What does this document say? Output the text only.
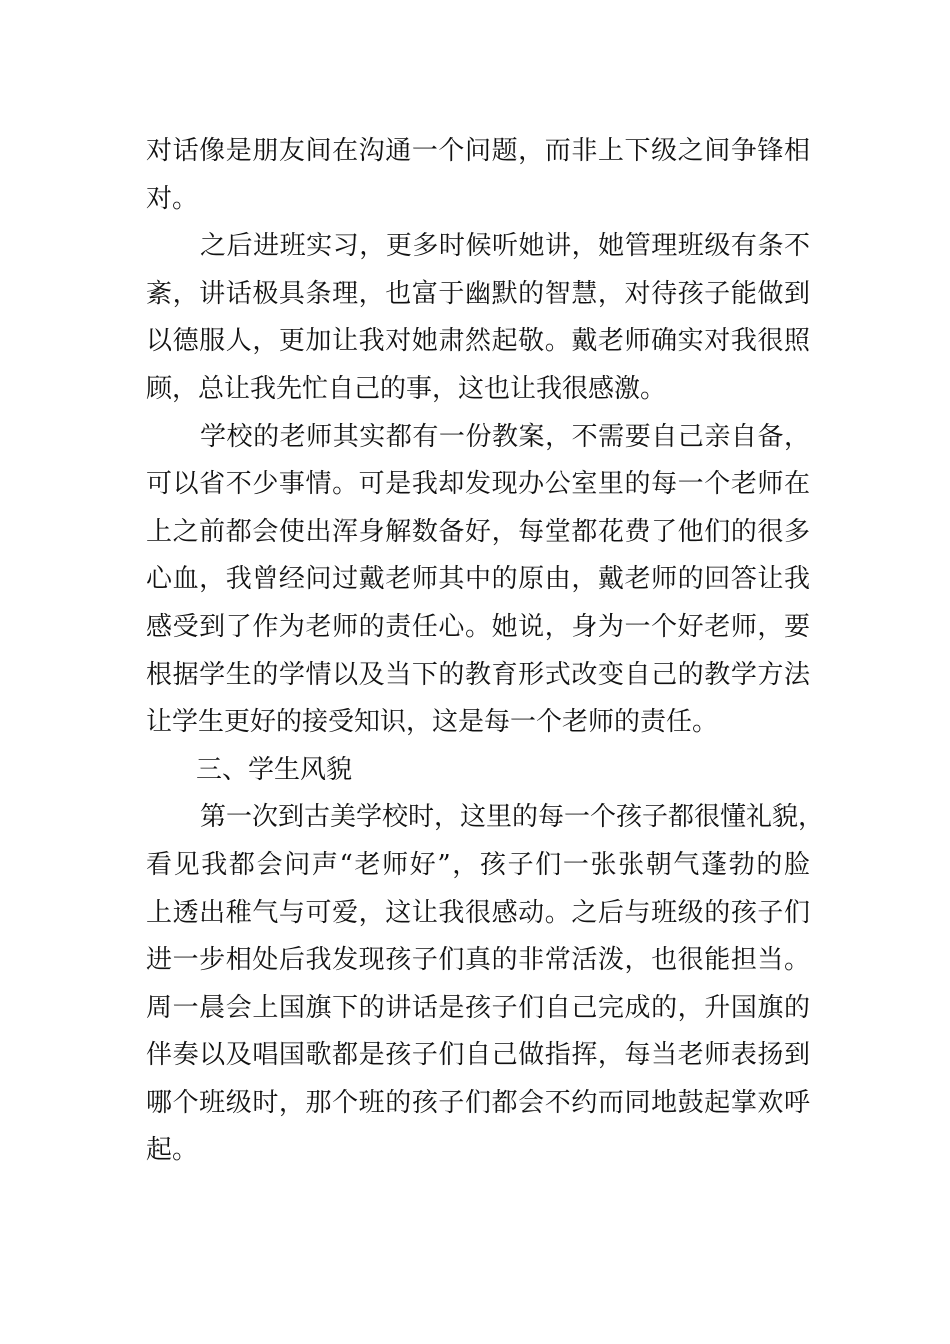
对话像是朋友间在沟通一个问题，而非上下级之间争锋相
对。
之后进班实习，更多时候听她讲，她管理班级有条不
紊，讲话极具条理，也富于幽默的智慧，对待孩子能做到
以德服人，更加让我对她肃然起敬。戴老师确实对我很照
顾，总让我先忙自己的事，这也让我很感激。
学校的老师其实都有一份教案，不需要自己亲自备，
可以省不少事情。可是我却发现办公室里的每一个老师在
上之前都会使出浑身解数备好，每堂都花费了他们的很多
心血，我曾经问过戴老师其中的原由，戴老师的回答让我
感受到了作为老师的责任心。她说，身为一个好老师，要
根据学生的学情以及当下的教育形式改变自己的教学方法
让学生更好的接受知识，这是每一个老师的责任。
三、学生风貌
第一次到古美学校时，这里的每一个孩子都很懂礼貌，
看见我都会问声“老师好”，孩子们一张张朝气蓬勃的脸
上透出稚气与可爱，这让我很感动。之后与班级的孩子们
进一步相处后我发现孩子们真的非常活泼，也很能担当。
周一晨会上国旗下的讲话是孩子们自己完成的，升国旗的
伴奏以及唱国歌都是孩子们自己做指挥，每当老师表扬到
哪个班级时，那个班的孩子们都会不约而同地鼓起掌欢呼
起。
